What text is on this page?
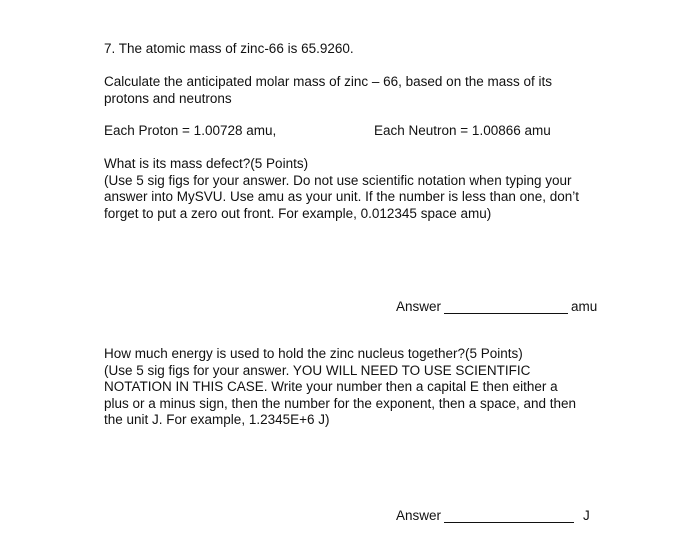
7. The atomic mass of zinc-66 is 65.9260.
Calculate the anticipated molar mass of zinc – 66, based on the mass of its
protons and neutrons
Each Proton = 1.00728 amu,	Each Neutron = 1.00866 amu
What is its mass defect?(5 Points)
(Use 5 sig figs for your answer. Do not use scientific notation when typing your
answer into MySVU. Use amu as your unit. If the number is less than one, don’t
forget to put a zero out front. For example, 0.012345 space amu)
Answer	amu
How much energy is used to hold the zinc nucleus together?(5 Points)
(Use 5 sig figs for your answer. YOU WILL NEED TO USE SCIENTIFIC
NOTATION IN THIS CASE. Write your number then a capital E then either a
plus or a minus sign, then the number for the exponent, then a space, and then
the unit J. For example, 1.2345E+6 J)
Answer	J
